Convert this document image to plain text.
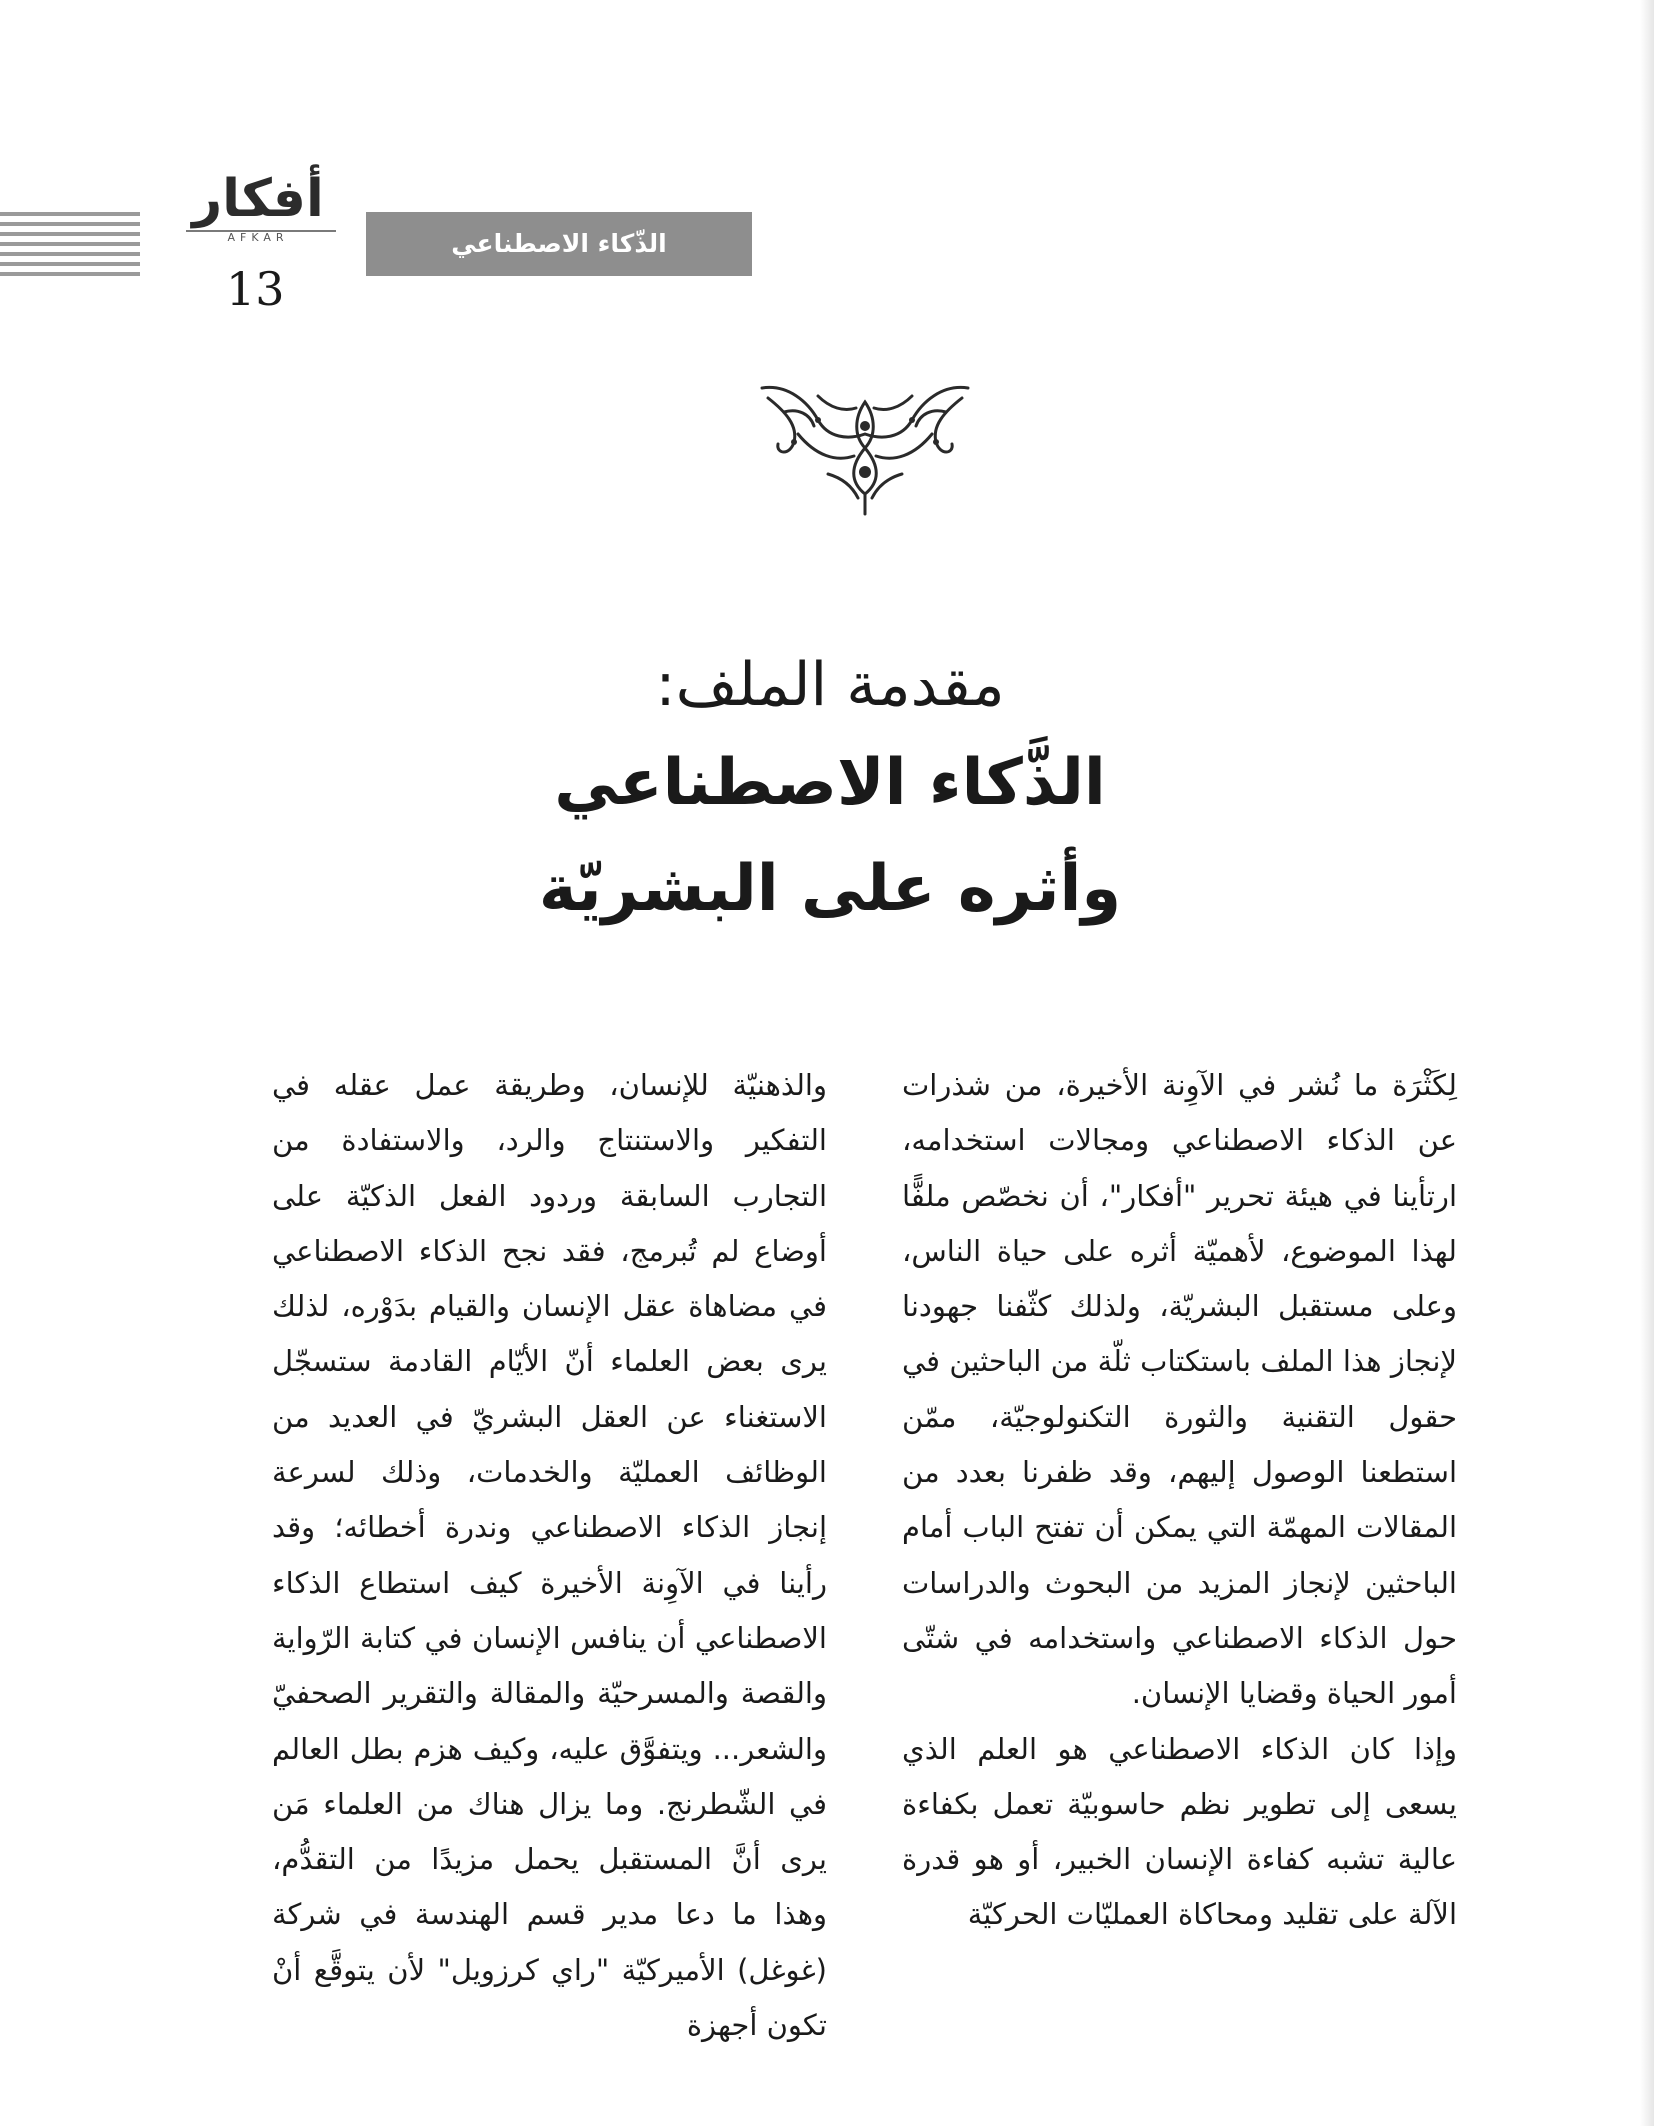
أفكار
AFKAR
13
الذّكاء الاصطناعي
مقدمة الملف:
الذَّكاء الاصطناعي
وأثره على البشريّة

لِكَثْرَة ما نُشر في الآوِنة الأخيرة، من شذرات عن الذكاء الاصطناعي ومجالات استخدامه، ارتأينا في هيئة تحرير "أفكار"، أن نخصّص ملفًّا لهذا الموضوع، لأهميّة أثره على حياة الناس، وعلى مستقبل البشريّة، ولذلك كثّفنا جهودنا لإنجاز هذا الملف باستكتاب ثلّة من الباحثين في حقول التقنية والثورة التكنولوجيّة، ممّن استطعنا الوصول إليهم، وقد ظفرنا بعدد من المقالات المهمّة التي يمكن أن تفتح الباب أمام الباحثين لإنجاز المزيد من البحوث والدراسات حول الذكاء الاصطناعي واستخدامه في شتّى أمور الحياة وقضايا الإنسان.

وإذا كان الذكاء الاصطناعي هو العلم الذي يسعى إلى تطوير نظم حاسوبيّة تعمل بكفاءة عالية تشبه كفاءة الإنسان الخبير، أو هو قدرة الآلة على تقليد ومحاكاة العمليّات الحركيّة

والذهنيّة للإنسان، وطريقة عمل عقله في التفكير والاستنتاج والرد، والاستفادة من التجارب السابقة وردود الفعل الذكيّة على أوضاع لم تُبرمج، فقد نجح الذكاء الاصطناعي في مضاهاة عقل الإنسان والقيام بدَوْره، لذلك يرى بعض العلماء أنّ الأيّام القادمة ستسجّل الاستغناء عن العقل البشريّ في العديد من الوظائف العمليّة والخدمات، وذلك لسرعة إنجاز الذكاء الاصطناعي وندرة أخطائه؛ وقد رأينا في الآوِنة الأخيرة كيف استطاع الذكاء الاصطناعي أن ينافس الإنسان في كتابة الرّواية والقصة والمسرحيّة والمقالة والتقرير الصحفيّ والشعر... ويتفوَّق عليه، وكيف هزم بطل العالم في الشّطرنج. وما يزال هناك من العلماء مَن يرى أنَّ المستقبل يحمل مزيدًا من التقدُّم، وهذا ما دعا مدير قسم الهندسة في شركة (غوغل) الأميركيّة "راي كرزويل" لأن يتوقَّع أنْ تكون أجهزة
